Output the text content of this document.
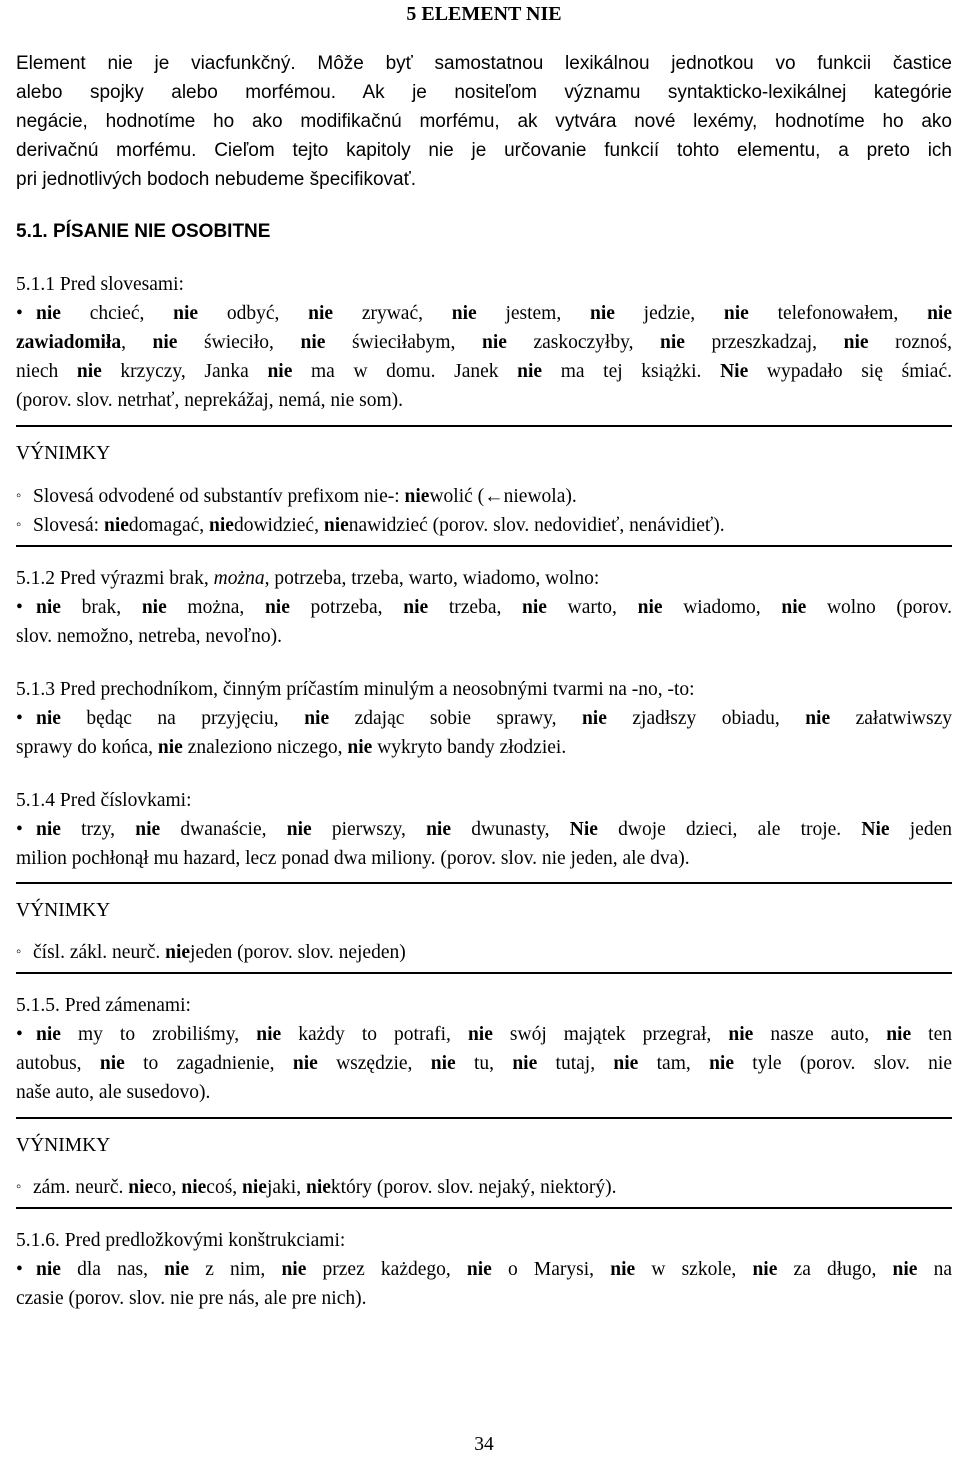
5 ELEMENT NIE
Element nie je viacfunkčný. Môže byť samostatnou lexikálnou jednotkou vo funkcii častice
alebo spojky alebo morfémou. Ak je nositeľom významu syntakticko-lexikálnej kategórie
negácie, hodnotíme ho ako modifikačnú morfému, ak vytvára nové lexémy, hodnotíme ho ako
derivačnú morfému. Cieľom tejto kapitoly nie je určovanie funkcií tohto elementu, a preto ich
pri jednotlivých bodoch nebudeme špecifikovať.
5.1. PÍSANIE NIE OSOBITNE
5.1.1 Pred slovesami:
• nie chcieć, nie odbyć, nie zrywać, nie jestem, nie jedzie, nie telefonowałem, nie
zawiadomiła, nie świeciło, nie świeciłabym, nie zaskoczyłby, nie przeszkadzaj, nie roznoś,
niech nie krzyczy, Janka nie ma w domu. Janek nie ma tej książki. Nie wypadało się śmiać.
(porov. slov. netrhať, neprekážaj, nemá, nie som).
VÝNIMKY
◦ Slovesá odvodené od substantív prefixom nie-: niewolić (←niewola).
◦ Slovesá: niedomagać, niedowidzieć, nienawidzieć (porov. slov. nedovidieť, nenávidieť).
5.1.2 Pred výrazmi brak, można, potrzeba, trzeba, warto, wiadomo, wolno:
• nie brak, nie można, nie potrzeba, nie trzeba, nie warto, nie wiadomo, nie wolno (porov.
slov. nemožno, netreba, nevoľno).
5.1.3 Pred prechodníkom, činným príčastím minulým a neosobnými tvarmi na -no, -to:
• nie będąc na przyjęciu, nie zdając sobie sprawy, nie zjadłszy obiadu, nie załatwiwszy
sprawy do końca, nie znaleziono niczego, nie wykryto bandy złodziei.
5.1.4 Pred číslovkami:
• nie trzy, nie dwanaście, nie pierwszy, nie dwunasty, Nie dwoje dzieci, ale troje. Nie jeden
milion pochłonął mu hazard, lecz ponad dwa miliony. (porov. slov. nie jeden, ale dva).
VÝNIMKY
◦ čísl. zákl. neurč. niejeden (porov. slov. nejeden)
5.1.5. Pred zámenami:
• nie my to zrobiliśmy, nie każdy to potrafi, nie swój majątek przegrał, nie nasze auto, nie ten
autobus, nie to zagadnienie, nie wszędzie, nie tu, nie tutaj, nie tam, nie tyle (porov. slov. nie
naše auto, ale susedovo).
VÝNIMKY
◦ zám. neurč. nieco, niecoś, niejaki, niektóry (porov. slov. nejaký, niektorý).
5.1.6. Pred predložkovými konštrukciami:
• nie dla nas, nie z nim, nie przez każdego, nie o Marysi, nie w szkole, nie za długo, nie na
czasie (porov. slov. nie pre nás, ale pre nich).
34
